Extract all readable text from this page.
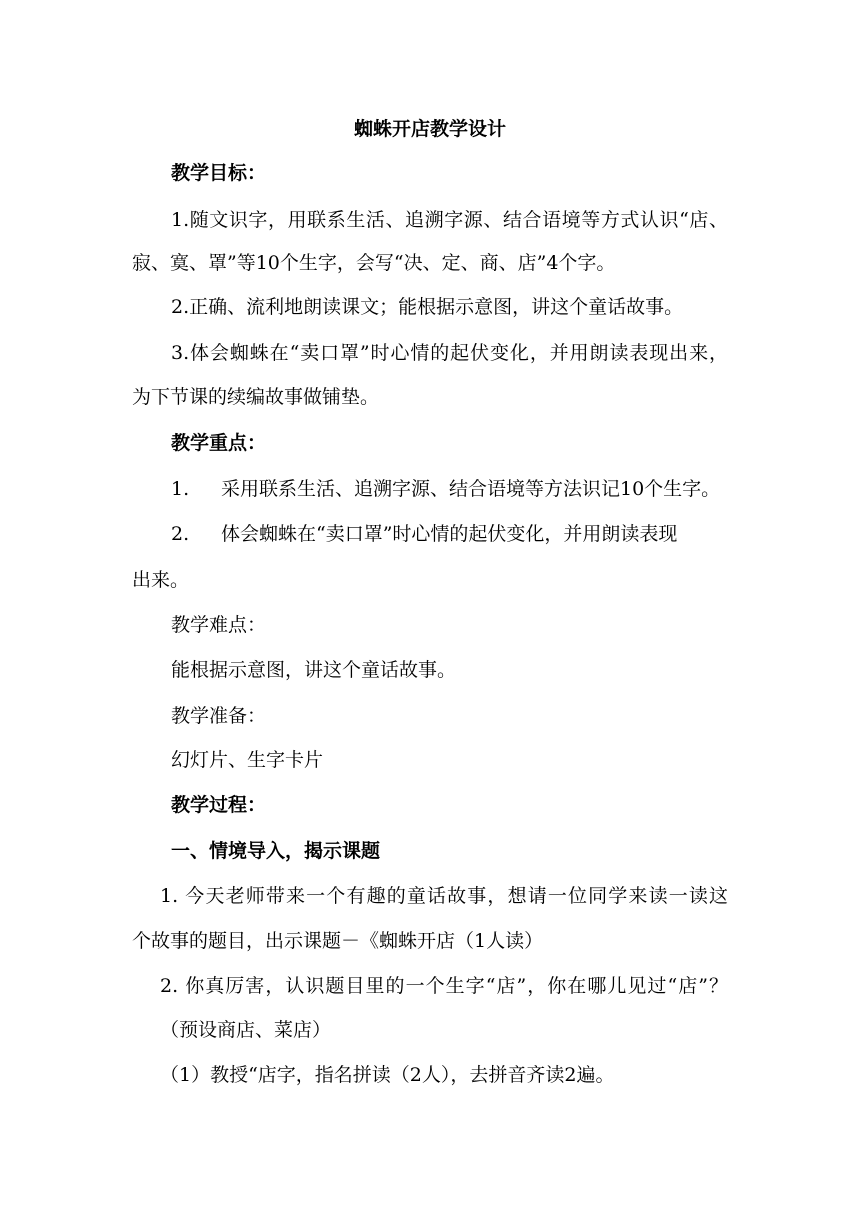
蜘蛛开店教学设计
教学目标：
1.随文识字，用联系生活、追溯字源、结合语境等方式认识“店、
寂、寞、罩”等10个生字，会写“决、定、商、店”4个字。
2.正确、流利地朗读课文；能根据示意图，讲这个童话故事。
3.体会蜘蛛在“卖口罩”时心情的起伏变化，并用朗读表现出来，
为下节课的续编故事做铺垫。
教学重点：
1. 采用联系生活、追溯字源、结合语境等方法识记10个生字。
2. 体会蜘蛛在“卖口罩”时心情的起伏变化，并用朗读表现
出来。
教学难点：
能根据示意图，讲这个童话故事。
教学准备：
幻灯片、生字卡片
教学过程：
一、情境导入，揭示课题
1. 今天老师带来一个有趣的童话故事，想请一位同学来读一读这
个故事的题目，出示课题－《蜘蛛开店（1人读）
2. 你真厉害，认识题目里的一个生字“店”，你在哪儿见过“店”？
（预设商店、菜店）
（1）教授“店字，指名拼读（2人），去拼音齐读2遍。
